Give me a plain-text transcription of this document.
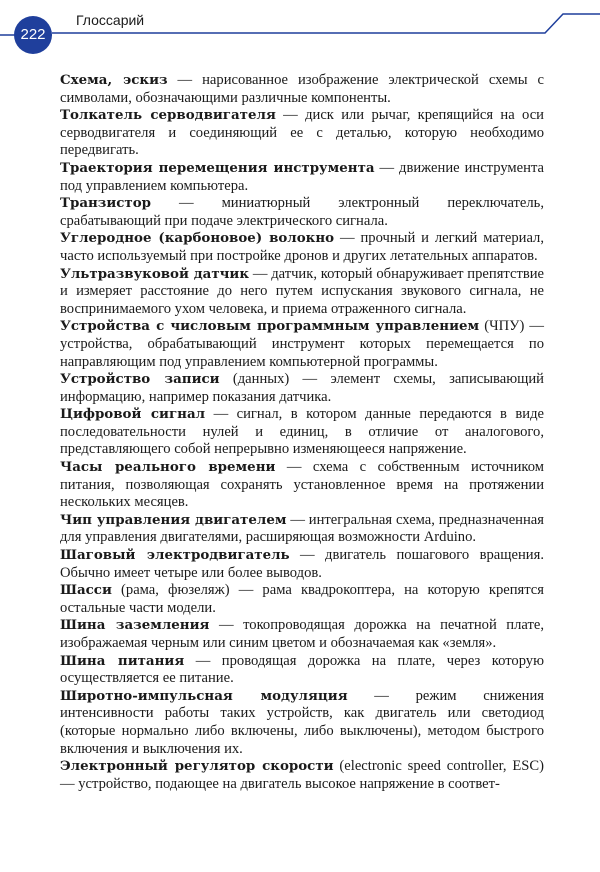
222
Глоссарий

Схема, эскиз — нарисованное изображение электрической схемы с символами, обозначающими различные компоненты.

Толкатель серводвигателя — диск или рычаг, крепящийся на оси серводвигателя и соединяющий ее с деталью, которую необходимо передвигать.

Траектория перемещения инструмента — движение инструмента под управлением компьютера.

Транзистор — миниатюрный электронный переключатель, срабатывающий при подаче электрического сигнала.

Углеродное (карбоновое) волокно — прочный и легкий материал, часто используемый при постройке дронов и других летательных аппаратов.

Ультразвуковой датчик — датчик, который обнаруживает препятствие и измеряет расстояние до него путем испускания звукового сигнала, не воспринимаемого ухом человека, и приема отраженного сигнала.

Устройства с числовым программным управлением (ЧПУ) — устройства, обрабатывающий инструмент которых перемещается по направляющим под управлением компьютерной программы.

Устройство записи (данных) — элемент схемы, записывающий информацию, например показания датчика.

Цифровой сигнал — сигнал, в котором данные передаются в виде последовательности нулей и единиц, в отличие от аналогового, представляющего собой непрерывно изменяющееся напряжение.

Часы реального времени — схема с собственным источником питания, позволяющая сохранять установленное время на протяжении нескольких месяцев.

Чип управления двигателем — интегральная схема, предназначенная для управления двигателями, расширяющая возможности Arduino.

Шаговый электродвигатель — двигатель пошагового вращения. Обычно имеет четыре или более выводов.

Шасси (рама, фюзеляж) — рама квадрокоптера, на которую крепятся остальные части модели.

Шина заземления — токопроводящая дорожка на печатной плате, изображаемая черным или синим цветом и обозначаемая как «земля».

Шина питания — проводящая дорожка на плате, через которую осуществляется ее питание.

Широтно-импульсная модуляция — режим снижения интенсивности работы таких устройств, как двигатель или светодиод (которые нормально либо включены, либо выключены), методом быстрого включения и выключения их.

Электронный регулятор скорости (electronic speed controller, ESC) — устройство, подающее на двигатель высокое напряжение в соответ-
